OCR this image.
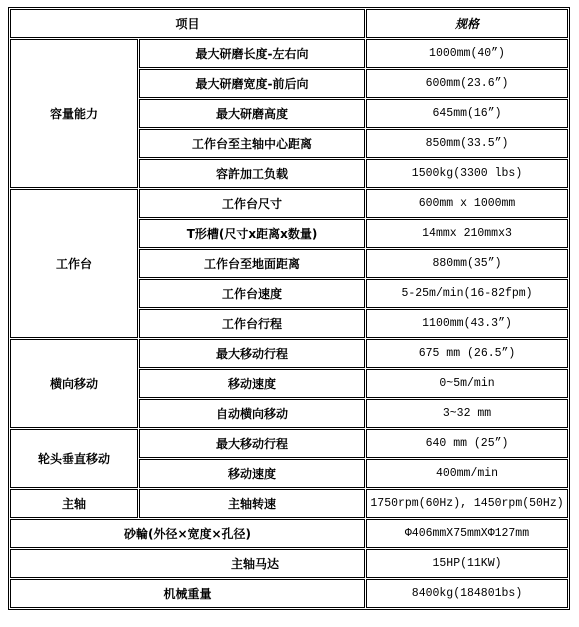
项目		规格
容量能力	最大研磨长度-左右向	1000mm(40”)
	最大研磨宽度-前后向	600mm(23.6”)
	最大研磨高度	645mm(16”)
	工作台至主轴中心距离	850mm(33.5”)
	容許加工负载	1500kg(3300 lbs)
工作台	工作台尺寸	600mm x 1000mm
	T形槽(尺寸x距离x数量)	14mmx 210mmx3
	工作台至地面距离	880mm(35”)
	工作台速度	5-25m/min(16-82fpm)
	工作台行程	1100mm(43.3”)
横向移动	最大移动行程	675 mm (26.5”)
	移动速度	0~5m/min
	自动横向移动	3~32 mm
轮头垂直移动	最大移动行程	640 mm (25”)
	移动速度	400mm/min
主轴	主轴转速	1750rpm(60Hz), 1450rpm(50Hz)
砂輪(外径×宽度×孔径)		Φ406mmX75mmXΦ127mm
主轴马达		15HP(11KW)
机械重量		8400kg(184801bs)
